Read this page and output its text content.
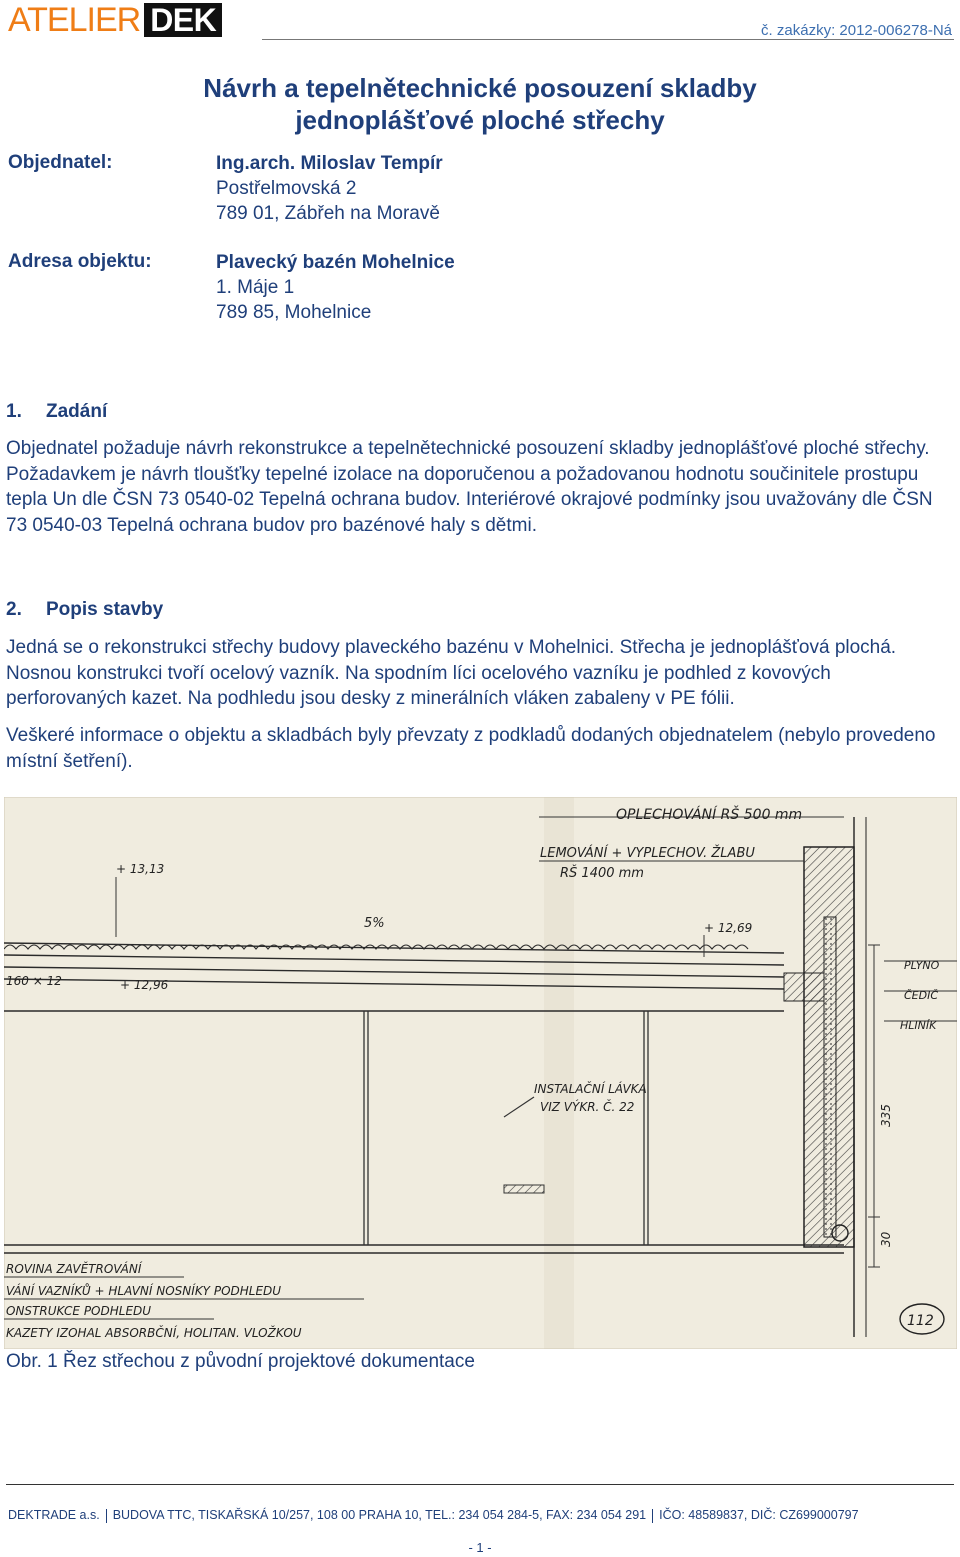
ATELIER DEK	č. zakázky: 2012-006278-Ná
Návrh a tepelnětechnické posouzení skladby
jednoplášťové ploché střechy
Objednatel:	Ing.arch. Miloslav Tempír
Postřelmovská 2
789 01, Zábřeh na Moravě
Adresa objektu:	Plavecký bazén Mohelnice
1. Máje 1
789 85, Mohelnice
1. Zadání
Objednatel požaduje návrh rekonstrukce a tepelnětechnické posouzení skladby jednoplášťové ploché střechy. Požadavkem je návrh tloušťky tepelné izolace na doporučenou a požadovanou hodnotu součinitele prostupu tepla Un dle ČSN 73 0540-02 Tepelná ochrana budov. Interiérové okrajové podmínky jsou uvažovány dle ČSN 73 0540-03 Tepelná ochrana budov pro bazénové haly s dětmi.
2. Popis stavby
Jedná se o rekonstrukci střechy budovy plaveckého bazénu v Mohelnici. Střecha je jednoplášťová plochá. Nosnou konstrukci tvoří ocelový vazník. Na spodním líci ocelového vazníku je podhled z kovových perforovaných kazet. Na podhledu jsou desky z minerálních vláken zabaleny v PE fólii.
Veškeré informace o objektu a skladbách byly převzaty z podkladů dodaných objednatelem (nebylo provedeno místní šetření).
OPLECHOVÁNÍ RŠ 500 mm
LEMOVÁNÍ + VYPLECHOV. ŽLABU
RŠ 1400 mm
+ 13,13
5%	+ 12,69
160 × 12	+ 12,96
PLYNO
ČEDIČ
HLINÍK
INSTALAČNÍ LÁVKA
VIZ VÝKR. Č. 22	335
30
ROVINA ZAVĚTROVÁNÍ
VÁNÍ VAZNÍKŮ + HLAVNÍ NOSNÍKY PODHLEDU
ONSTRUKCE PODHLEDU
KAZETY IZOHAL ABSORBČNÍ, HOLITAN. VLOŽKOU
112
Obr. 1 Řez střechou z původní projektové dokumentace
DEKTRADE a.s. BUDOVA TTC, TISKAŘSKÁ 10/257, 108 00 PRAHA 10, TEL.: 234 054 284-5, FAX: 234 054 291 IČO: 48589837, DIČ: CZ699000797
- 1 -
